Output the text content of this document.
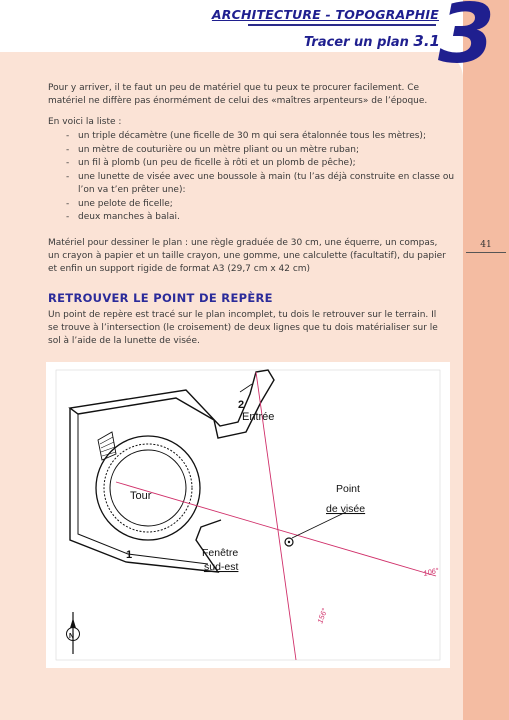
ARCHITECTURE - TOPOGRAPHIE
Tracer un plan 3.1
3
41
Pour y arriver, il te faut un peu de matériel que tu peux te procurer facilement. Ce matériel ne diffère pas énormément de celui des «maîtres arpenteurs» de l’époque.
En voici la liste :
- un triple décamètre (une ficelle de 30 m qui sera étalonnée tous les mètres);
- un mètre de couturière ou un mètre pliant ou un mètre ruban;
- un fil à plomb (un peu de ficelle à rôti et un plomb de pêche);
- une lunette de visée avec une boussole à main (tu l’as déjà construite en classe ou l’on va t’en prêter une):
- une pelote de ficelle;
- deux manches à balai.
Matériel pour dessiner le plan : une règle graduée de 30 cm, une équerre, un compas, un crayon à papier et un taille crayon, une gomme, une calculette (facultatif), du papier et enfin un support rigide de format A3 (29,7 cm x 42 cm)
RETROUVER LE POINT DE REPÈRE
Un point de repère est tracé sur le plan incomplet, tu dois le retrouver sur le terrain. Il se trouve à l’intersection (le croisement) de deux lignes que tu dois matérialiser sur le sol à l’aide de la lunette de visée.
2
Entrée
Tour
Point
de visée
Fenêtre
sud-est
1
106°
156°
N
